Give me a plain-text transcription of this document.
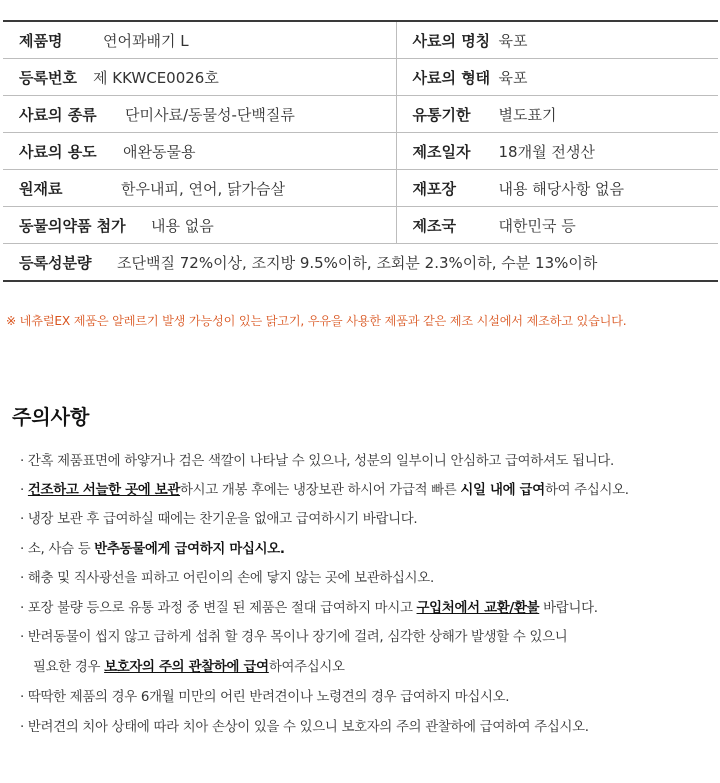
제품명 연어꽈배기 L	사료의 명칭 육포
등록번호 제 KKWCE0026호	사료의 형태 육포
사료의 종류 단미사료/동물성-단백질류	유통기한 별도표기
사료의 용도 애완동물용	제조일자 18개월 전생산
원재료 한우내피, 연어, 닭가슴살	재포장 내용 해당사항 없음
동물의약품 첨가 내용 없음	제조국 대한민국 등
등록성분량 조단백질 72%이상, 조지방 9.5%이하, 조회분 2.3%이하, 수분 13%이하	
※ 네츄럴EX 제품은 알레르기 발생 가능성이 있는 닭고기, 우유을 사용한 제품과 같은 제조 시설에서 제조하고 있습니다.
주의사항
· 간혹 제품표면에 하얗거나 검은 색깔이 나타날 수 있으나, 성분의 일부이니 안심하고 급여하셔도 됩니다.
· 건조하고 서늘한 곳에 보관하시고 개봉 후에는 냉장보관 하시어 가급적 빠른 시일 내에 급여하여 주십시오.
· 냉장 보관 후 급여하실 때에는 찬기운을 없애고 급여하시기 바랍니다.
· 소, 사슴 등 반추동물에게 급여하지 마십시오.
· 해충 및 직사광선을 피하고 어린이의 손에 닿지 않는 곳에 보관하십시오.
· 포장 불량 등으로 유통 과정 중 변질 된 제품은 절대 급여하지 마시고 구입처에서 교환/환불 바랍니다.
· 반려동물이 씹지 않고 급하게 섭취 할 경우 목이나 장기에 걸려, 심각한 상해가 발생할 수 있으니
필요한 경우 보호자의 주의 관찰하에 급여하여주십시오
· 딱딱한 제품의 경우 6개월 미만의 어린 반려견이나 노령견의 경우 급여하지 마십시오.
· 반려견의 치아 상태에 따라 치아 손상이 있을 수 있으니 보호자의 주의 관찰하에 급여하여 주십시오.
